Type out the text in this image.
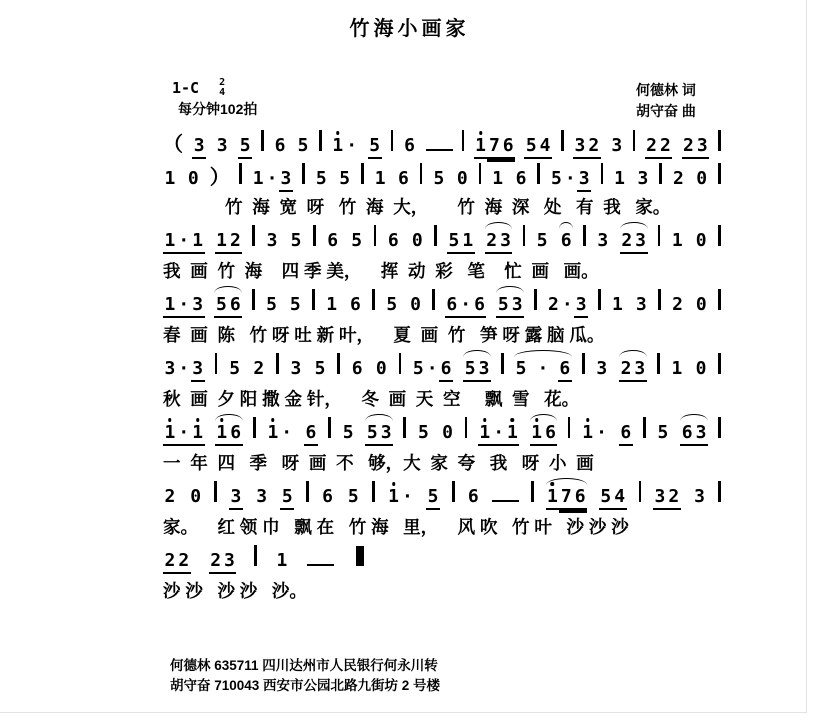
竹海小画家
1-C 2
4
每分钟102拍
何德林 词
胡守奋 曲
（ 3 3 5 6 5 1 · 5 6	1 7 6 5 4 3 2 3 2 2 2 3
1 0 ） 1 · 3 5 5 1 6 5 0 1 6 5 · 3 1 3 2 0
竹  海  宽  呀   竹  海  大，      竹  海  深   处   有  我   家。
1 · 1 1 2 3 5 6 5 6 0 5 1 2 3 5 6 3 2 3 1 0
我  画  竹  海    四 季 美，    挥  动  彩   笔    忙  画   画。
1 · 3 5 6 5 5 1 6 5 0 6 · 6 5 3 2 · 3 1 3 2 0
春  画  陈   竹 呀 吐 新 叶，    夏  画  竹   笋 呀 露 脑 瓜。
3 · 3 5 2 3 5 6 0 5 · 6 5 3 5 · 6 3 2 3 1 0
秋  画  夕 阳 撒 金 针，    冬  画  天  空     飘  雪   花。
1 · 1 1 6 1 · 6 5 5 3 5 0 1 · 1 1 6 1 · 6 5 6 3
一  年  四   季   呀  画  不   够，大  家  夸   我   呀  小  画
2 0 3 3 5 6 5 1 · 5 6	1 7 6 5 4 3 2 3
家。    红 领 巾   飘 在   竹 海   里，    风 吹   竹 叶   沙 沙 沙
2 2 2 3 1
沙 沙   沙 沙   沙。
何德林 635711 四川达州市人民银行何永川转
胡守奋 710043 西安市公园北路九街坊 2 号楼
